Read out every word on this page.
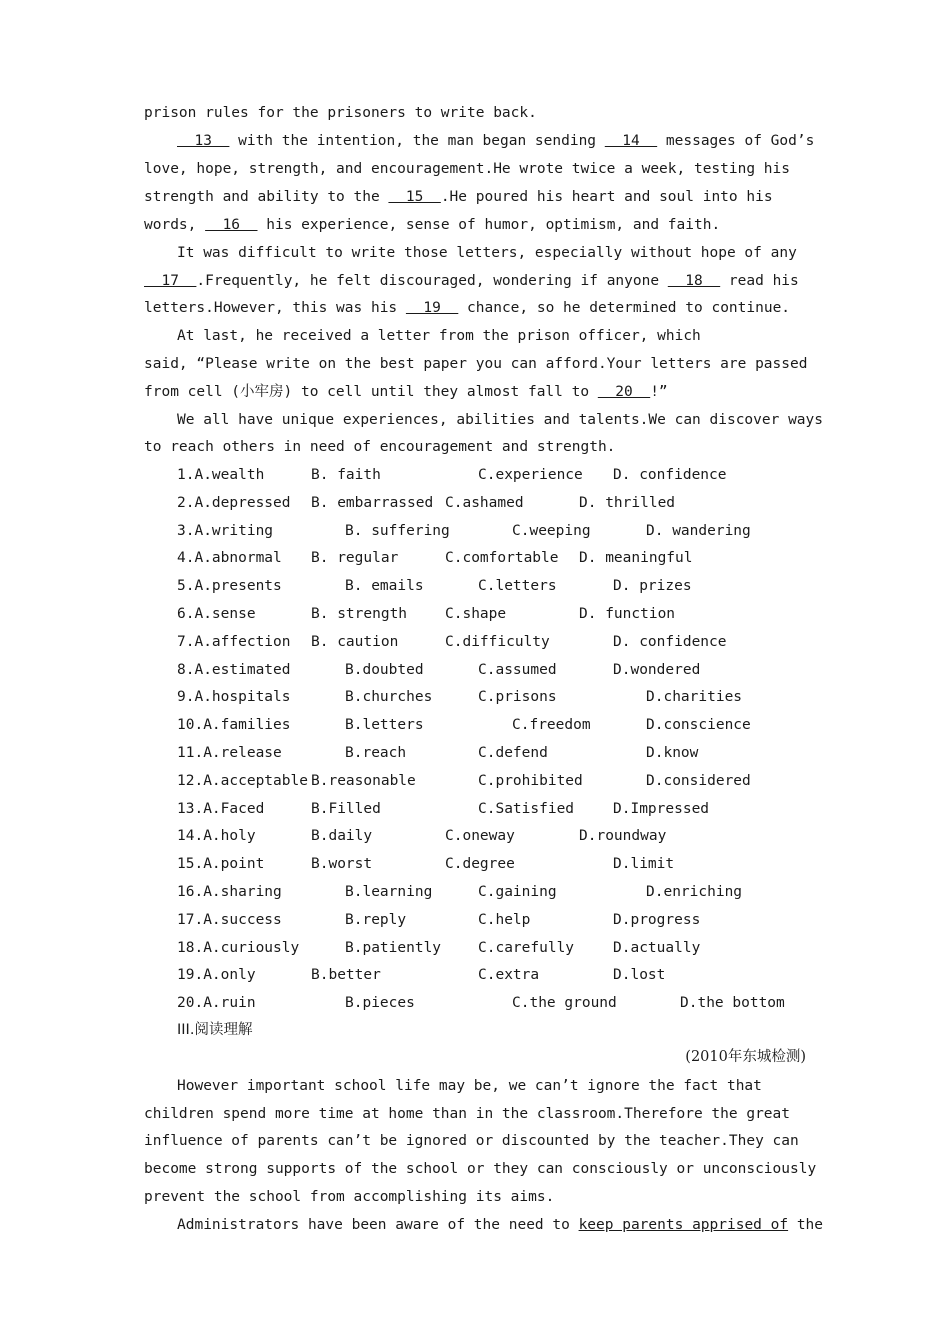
prison rules for the prisoners to write back.
13   with the intention, the man began sending   14   messages of God’s
love, hope, strength, and encouragement.He wrote twice a week, testing his
strength and ability to the   15  .He poured his heart and soul into his
words,   16   his experience, sense of humor, optimism, and faith.
It was difficult to write those letters, especially without hope of any
17  .Frequently, he felt discouraged, wondering if anyone   18   read his
letters.However, this was his   19   chance, so he determined to continue.
At last, he received a letter from the prison officer, which
said, “Please write on the best paper you can afford.Your letters are passed
from cell (小牢房) to cell until they almost fall to   20  !”
We all have unique experiences, abilities and talents.We can discover ways
to reach others in need of encouragement and strength.
1.A.wealth	B. faith	C.experience D. confidence
2.A.depressed B. embarrassed C.ashamed	D. thrilled
3.A.writing	B. suffering	C.weeping	D. wandering
4.A.abnormal B. regular	C.comfortable D. meaningful
5.A.presents	B. emails	C.letters	D. prizes
6.A.sense	B. strength	C.shape	D. function
7.A.affection B. caution	C.difficulty	D. confidence
8.A.estimated	B.doubted	C.assumed	D.wondered
9.A.hospitals	B.churches	C.prisons	D.charities
10.A.families	B.letters	C.freedom	D.conscience
11.A.release	B.reach	C.defend	D.know
12.A.acceptable B.reasonable	C.prohibited	D.considered
13.A.Faced	B.Filled	C.Satisfied	D.Impressed
14.A.holy	B.daily	C.oneway	D.roundway
15.A.point	B.worst	C.degree	D.limit
16.A.sharing	B.learning	C.gaining	D.enriching
17.A.success	B.reply	C.help	D.progress
18.A.curiously	B.patiently	C.carefully	D.actually
19.A.only	B.better	C.extra	D.lost
20.A.ruin	B.pieces	C.the ground	D.the bottom
III.阅读理解
(2010年东城检测)
However important school life may be, we can’t ignore the fact that
children spend more time at home than in the classroom.Therefore the great
influence of parents can’t be ignored or discounted by the teacher.They can
become strong supports of the school or they can consciously or unconsciously
prevent the school from accomplishing its aims.
Administrators have been aware of the need to keep parents apprised of the
